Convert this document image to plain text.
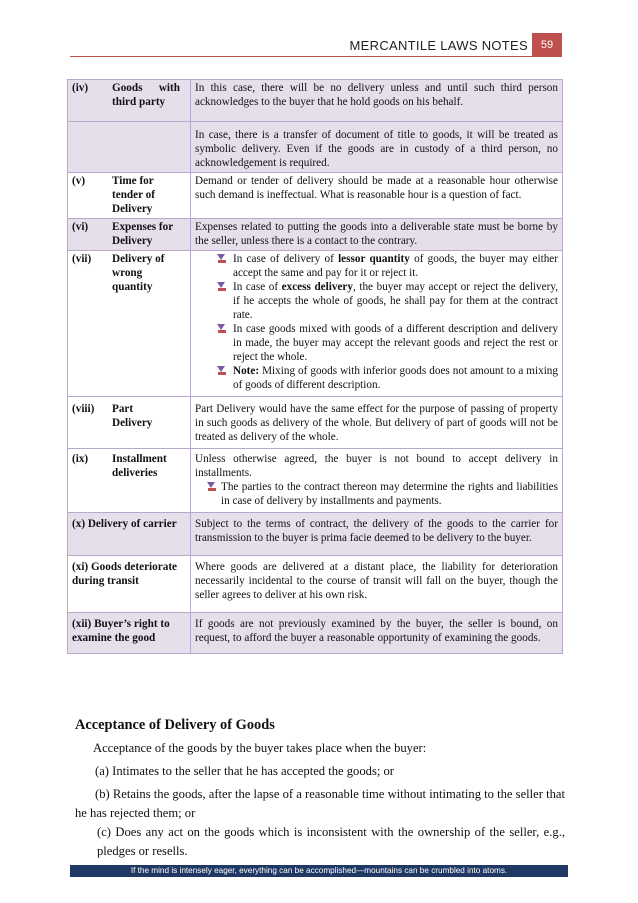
MERCANTILE LAWS NOTES 59
(iv) Goods with third party	In this case, there will be no delivery unless and until such third person acknowledges to the buyer that he hold goods on his behalf.
	In case, there is a transfer of document of title to goods, it will be treated as symbolic delivery. Even if the goods are in custody of a third person, no acknowledgement is required.
(v) Time for tender of Delivery	Demand or tender of delivery should be made at a reasonable hour otherwise such demand is ineffectual. What is reasonable hour is a question of fact.
(vi) Expenses for Delivery	Expenses related to putting the goods into a deliverable state must be borne by the seller, unless there is a contact to the contrary.
(vii) Delivery of wrong quantity	In case of delivery of lessor quantity of goods, the buyer may either accept the same and pay for it or reject it.
In case of excess delivery, the buyer may accept or reject the delivery, if he accepts the whole of goods, he shall pay for them at the contract rate.
In case goods mixed with goods of a different description and delivery in made, the buyer may accept the relevant goods and reject the rest or reject the whole.
Note: Mixing of goods with inferior goods does not amount to a mixing of goods of different description.

(viii) Part Delivery	Part Delivery would have the same effect for the purpose of passing of property in such goods as delivery of the whole. But delivery of part of goods will not be treated as delivery of the whole.
(ix) Installment deliveries	Unless otherwise agreed, the buyer is not bound to accept delivery in installments.
The parties to the contract thereon may determine the rights and liabilities in case of delivery by installments and payments.

(x) Delivery of carrier	Subject to the terms of contract, the delivery of the goods to the carrier for transmission to the buyer is prima facie deemed to be delivery to the buyer.
(xi) Goods deteriorate during transit	Where goods are delivered at a distant place, the liability for deterioration necessarily incidental to the course of transit will fall on the buyer, though the seller agrees to deliver at his own risk.
(xii) Buyer’s right to examine the good	If goods are not previously examined by the buyer, the seller is bound, on request, to afford the buyer a reasonable opportunity of examining the goods.
Acceptance of Delivery of Goods

Acceptance of the goods by the buyer takes place when the buyer:

(a) Intimates to the seller that he has accepted the goods; or

(b) Retains the goods, after the lapse of a reasonable time without intimating to the seller that he has rejected them; or

(c) Does any act on the goods which is inconsistent with the ownership of the seller, e.g., pledges or resells.

If the mind is intensely eager, everything can be accomplished—mountains can be crumbled into atoms.
